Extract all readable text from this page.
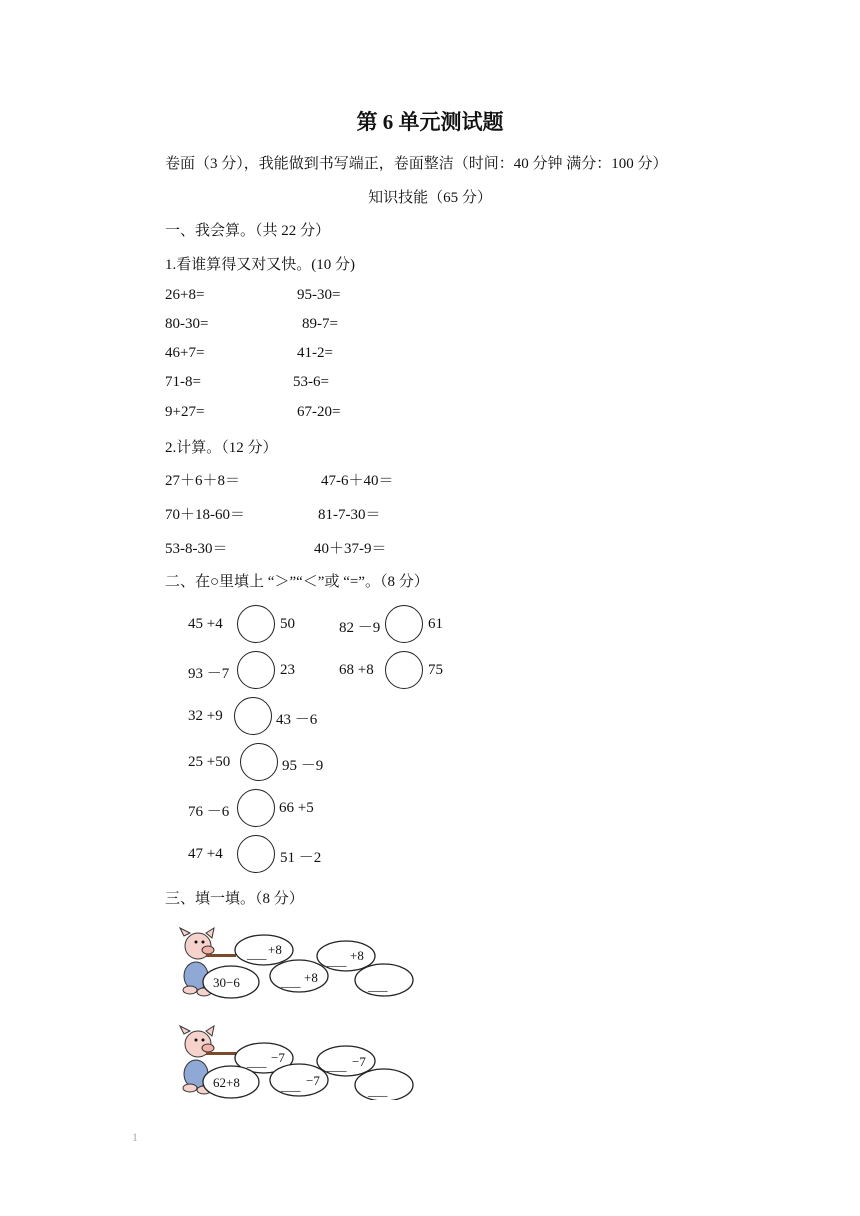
第 6 单元测试题
卷面（3 分），我能做到书写端正，卷面整洁（时间：40 分钟 满分：100 分）
知识技能（65 分）
一、我会算。（共 22 分）
1.看谁算得又对又快。(10 分)
26+8=	95-30=
80-30=	89-7=
46+7=	41-2=
71-8=	53-6=
9+27=	67-20=
2.计算。（12 分）
27＋6＋8＝	47-6＋40＝
70＋18-60＝	81-7-30＝
53-8-30＝	40＋37-9＝
二、在○里填上 “＞”“＜”或 “=”。（8 分）
45 +4	50	82 －9	61
93 －7	23	68 +8	75
32 +9	43 －6
25 +50	95 －9
76 －6	66 +5
47 +4	51 －2
三、填一填。（8 分）
___ +8
___ +8
30−6	___ +8
___
___ −7
___ −7
62+8	___ −7
___
1
